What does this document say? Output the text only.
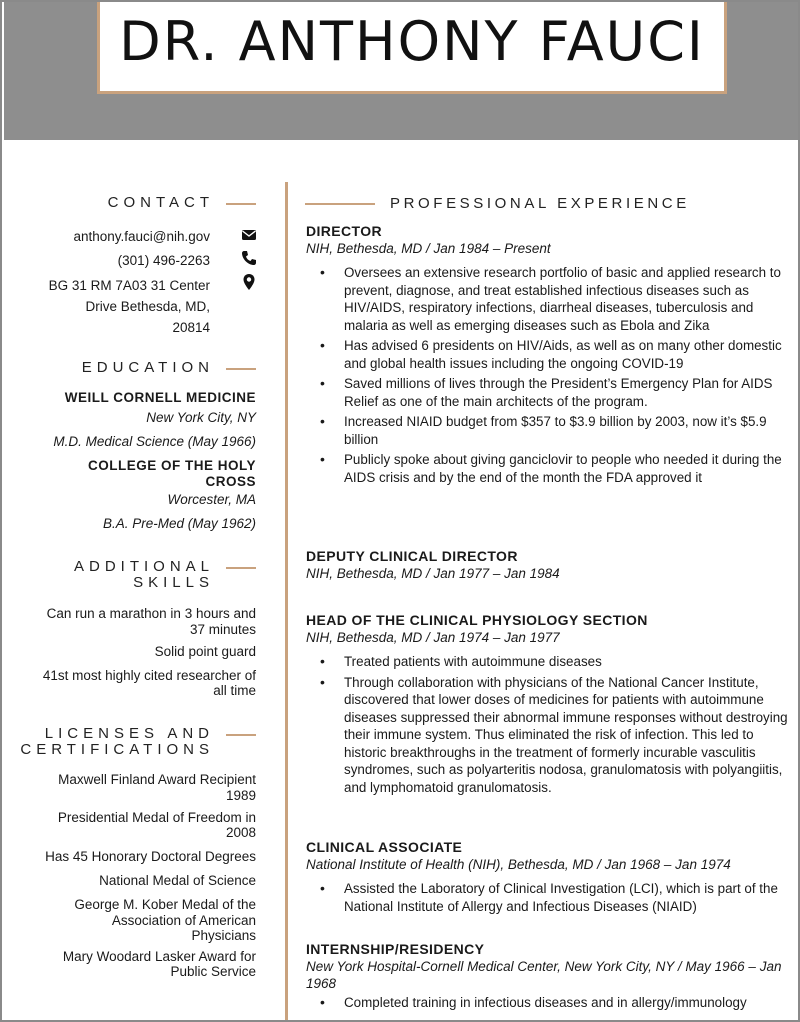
DR. ANTHONY FAUCI
CONTACT
anthony.fauci@nih.gov
(301) 496-2263
BG 31 RM 7A03 31 Center
Drive Bethesda, MD,
20814
EDUCATION
WEILL CORNELL MEDICINE
New York City, NY
M.D. Medical Science (May 1966)
COLLEGE OF THE HOLY
CROSS
Worcester, MA
B.A. Pre-Med (May 1962)
ADDITIONAL
SKILLS
Can run a marathon in 3 hours and
37 minutes
Solid point guard
41st most highly cited researcher of
all time
LICENSES AND
CERTIFICATIONS
Maxwell Finland Award Recipient
1989
Presidential Medal of Freedom in
2008
Has 45 Honorary Doctoral Degrees
National Medal of Science
George M. Kober Medal of the
Association of American
Physicians
Mary Woodard Lasker Award for
Public Service
PROFESSIONAL EXPERIENCE
DIRECTOR
NIH, Bethesda, MD / Jan 1984 – Present
• Oversees an extensive research portfolio of basic and applied research to prevent, diagnose, and treat established infectious diseases such as HIV/AIDS, respiratory infections, diarrheal diseases, tuberculosis and malaria as well as emerging diseases such as Ebola and Zika
• Has advised 6 presidents on HIV/Aids, as well as on many other domestic and global health issues including the ongoing COVID-19
• Saved millions of lives through the President’s Emergency Plan for AIDS Relief as one of the main architects of the program.
• Increased NIAID budget from $357 to $3.9 billion by 2003, now it’s $5.9 billion
• Publicly spoke about giving ganciclovir to people who needed it during the AIDS crisis and by the end of the month the FDA approved it
DEPUTY CLINICAL DIRECTOR
NIH, Bethesda, MD / Jan 1977 – Jan 1984
HEAD OF THE CLINICAL PHYSIOLOGY SECTION
NIH, Bethesda, MD / Jan 1974 – Jan 1977
• Treated patients with autoimmune diseases
• Through collaboration with physicians of the National Cancer Institute, discovered that lower doses of medicines for patients with autoimmune diseases suppressed their abnormal immune responses without destroying their immune system. Thus eliminated the risk of infection. This led to historic breakthroughs in the treatment of formerly incurable vasculitis syndromes, such as polyarteritis nodosa, granulomatosis with polyangiitis, and lymphomatoid granulomatosis.
CLINICAL ASSOCIATE
National Institute of Health (NIH), Bethesda, MD / Jan 1968 – Jan 1974
• Assisted the Laboratory of Clinical Investigation (LCI), which is part of the National Institute of Allergy and Infectious Diseases (NIAID)
INTERNSHIP/RESIDENCY
New York Hospital-Cornell Medical Center, New York City, NY / May 1966 – Jan 1968
• Completed training in infectious diseases and in allergy/immunology
